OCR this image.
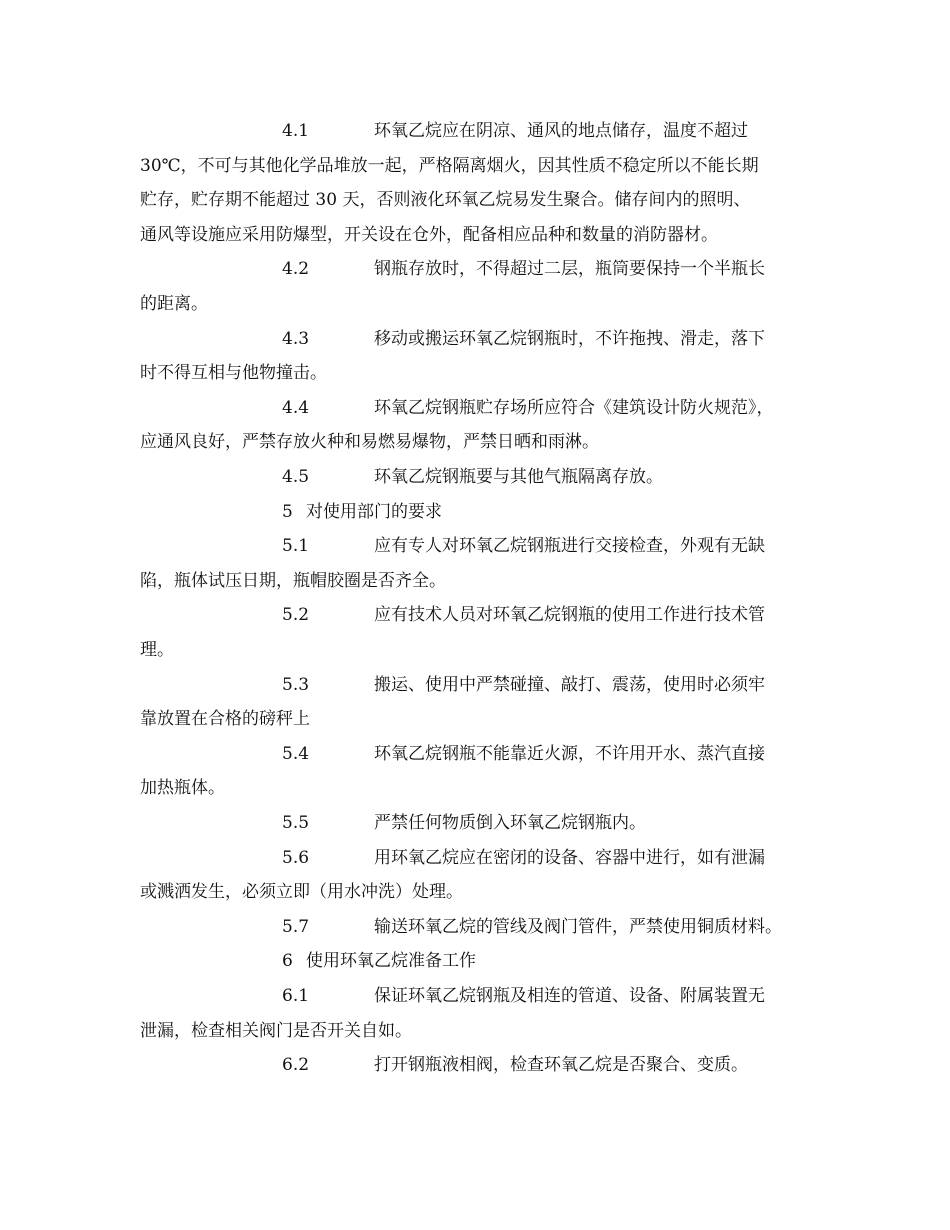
4.1	环氧乙烷应在阴凉、通风的地点储存，温度不超过
30℃，不可与其他化学品堆放一起，严格隔离烟火，因其性质不稳定所以不能长期
贮存，贮存期不能超过 30 天，否则液化环氧乙烷易发生聚合。储存间内的照明、
通风等设施应采用防爆型，开关设在仓外，配备相应品种和数量的消防器材。
4.2	钢瓶存放时，不得超过二层，瓶筒要保持一个半瓶长
的距离。
4.3	移动或搬运环氧乙烷钢瓶时，不许拖拽、滑走，落下
时不得互相与他物撞击。
4.4	环氧乙烷钢瓶贮存场所应符合《建筑设计防火规范》，
应通风良好，严禁存放火种和易燃易爆物，严禁日晒和雨淋。
4.5	环氧乙烷钢瓶要与其他气瓶隔离存放。
5 对使用部门的要求
5.1	应有专人对环氧乙烷钢瓶进行交接检查，外观有无缺
陷，瓶体试压日期，瓶帽胶圈是否齐全。
5.2	应有技术人员对环氧乙烷钢瓶的使用工作进行技术管
理。
5.3	搬运、使用中严禁碰撞、敲打、震荡，使用时必须牢
靠放置在合格的磅秤上
5.4	环氧乙烷钢瓶不能靠近火源，不许用开水、蒸汽直接
加热瓶体。
5.5	严禁任何物质倒入环氧乙烷钢瓶内。
5.6	用环氧乙烷应在密闭的设备、容器中进行，如有泄漏
或溅洒发生，必须立即（用水冲洗）处理。
5.7	输送环氧乙烷的管线及阀门管件，严禁使用铜质材料。
6 使用环氧乙烷准备工作
6.1	保证环氧乙烷钢瓶及相连的管道、设备、附属装置无
泄漏，检查相关阀门是否开关自如。
6.2	打开钢瓶液相阀，检查环氧乙烷是否聚合、变质。
